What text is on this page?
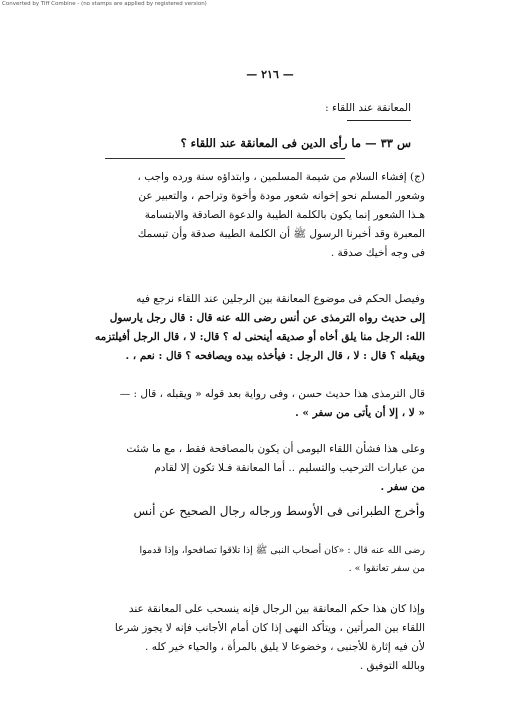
Converted by Tiff Combine - (no stamps are applied by registered version)
— ٢١٦ —
المعانقة عند اللقاء :
س ٣٣ — ما رأى الدين فى المعانقة عند اللقاء ؟
(ج) إفشاء السلام من شيمة المسلمين ، وابتداؤه سنة ورده واجب ،
وشعور المسلم نحو إخوانه شعور مودة وأخوة وتراحم ، والتعبير عن
هـذا الشعور إنما يكون بالكلمة الطيبة والدعوة الصادقة والابتسامة
المعبرة وقد أخبرنا الرسول ﷺ أن الكلمة الطيبة صدقة وأن تبسمك
فى وجه أخيك صدقة .
وفيصل الحكم فى موضوع المعانقة بين الرجلين عند اللقاء نرجع فيه
إلى حديث رواه الترمذى عن أنس رضى الله عنه قال : قال رجل يارسول
الله: الرجل منا يلق أخاه أو صديقه أينحنى له ؟ قال: لا ، قال الرجل أفيلتزمه
ويقبله ؟ قال : لا ، قال الرجل : فيأخذه بيده ويصافحه ؟ قال : نعم ، .
قال الترمذى هذا حديث حسن ، وفى رواية بعد قوله « ويقبله ، قال : —
« لا ، إلا أن يأتى من سفر » .
وعلى هذا فشأن اللقاء اليومى أن يكون بالمصافحة فقط ، مع ما شئت
من عبارات الترحيب والتسليم .. أما المعانقة فـلا تكون إلا لقادم
من سفر .
وأخرج الطبرانى فى الأوسط ورجاله رجال الصحيح عن أنس
رضى الله عنه قال : «كان أصحاب النبى ﷺ إذا تلاقوا تصافحوا، وإذا قدموا
من سفر تعانقوا » .
وإذا كان هذا حكم المعانقة بين الرجال فإنه ينسحب على المعانقة عند
اللقاء بين المرأتين ، ويتأكد النهى إذا كان أمام الأجانب فإنه لا يجوز شرعا
لأن فيه إثارة للأجنبى ، وخضوعا لا يليق بالمرأة ، والحياء خير كله .
وبالله التوفيق .
